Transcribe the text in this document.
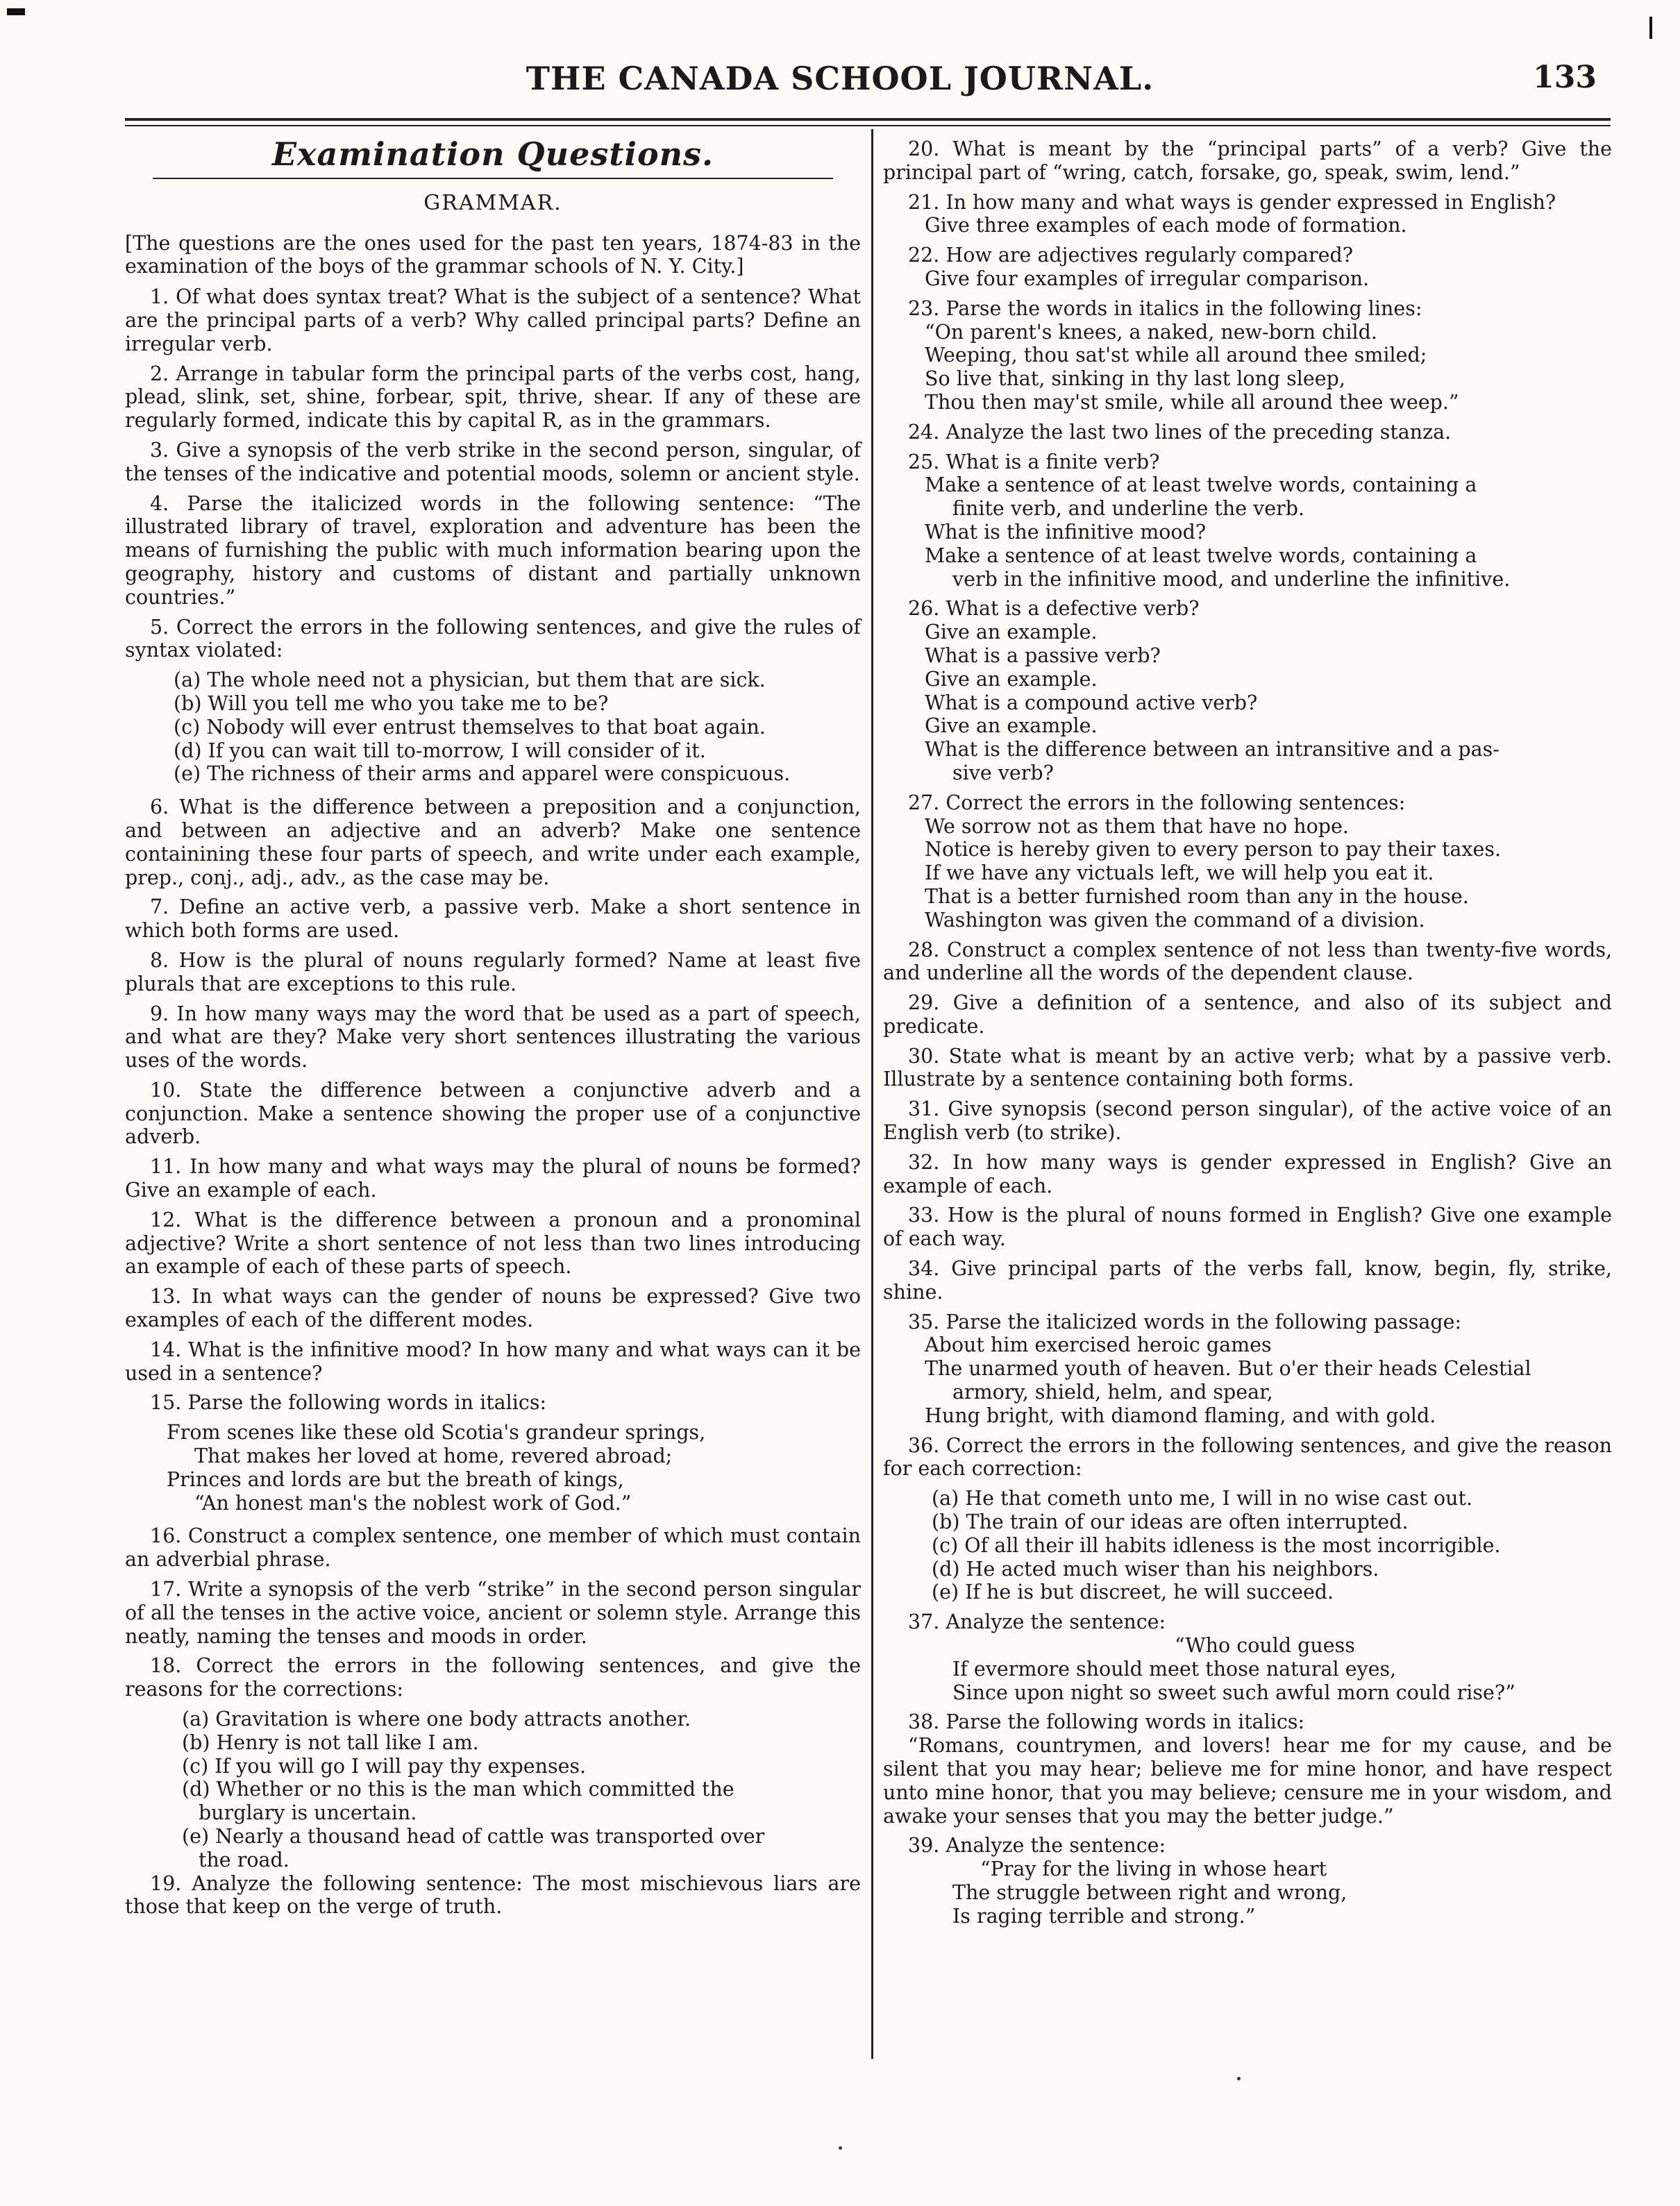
THE CANADA SCHOOL JOURNAL.	133
Examination Questions.
GRAMMAR.

[The questions are the ones used for the past ten years, 1874-83 in the examination of the boys of the grammar schools of N. Y. City.]

1. Of what does syntax treat? What is the subject of a sentence? What are the principal parts of a verb? Why called principal parts? Define an irregular verb.

2. Arrange in tabular form the principal parts of the verbs cost, hang, plead, slink, set, shine, forbear, spit, thrive, shear. If any of these are regularly formed, indicate this by capital R, as in the grammars.

3. Give a synopsis of the verb strike in the second person, singular, of the tenses of the indicative and potential moods, solemn or ancient style.

4. Parse the italicized words in the following sentence: “The illustrated library of travel, exploration and adventure has been the means of furnishing the public with much information bearing upon the geography, history and customs of distant and partially unknown countries.”

5. Correct the errors in the following sentences, and give the rules of syntax violated:

(a) The whole need not a physician, but them that are sick.

(b) Will you tell me who you take me to be?

(c) Nobody will ever entrust themselves to that boat again.

(d) If you can wait till to-morrow, I will consider of it.

(e) The richness of their arms and apparel were conspicuous.

6. What is the difference between a preposition and a conjunction, and between an adjective and an adverb? Make one sentence containining these four parts of speech, and write under each example, prep., conj., adj., adv., as the case may be.

7. Define an active verb, a passive verb. Make a short sentence in which both forms are used.

8. How is the plural of nouns regularly formed? Name at least five plurals that are exceptions to this rule.

9. In how many ways may the word that be used as a part of speech, and what are they? Make very short sentences illustrating the various uses of the words.

10. State the difference between a conjunctive adverb and a conjunction. Make a sentence showing the proper use of a conjunctive adverb.

11. In how many and what ways may the plural of nouns be formed? Give an example of each.

12. What is the difference between a pronoun and a pronominal adjective? Write a short sentence of not less than two lines introducing an example of each of these parts of speech.

13. In what ways can the gender of nouns be expressed? Give two examples of each of the different modes.

14. What is the infinitive mood? In how many and what ways can it be used in a sentence?

15. Parse the following words in italics:

From scenes like these old Scotia's grandeur springs,

That makes her loved at home, revered abroad;

Princes and lords are but the breath of kings,

“An honest man's the noblest work of God.”

16. Construct a complex sentence, one member of which must contain an adverbial phrase.

17. Write a synopsis of the verb “strike” in the second person singular of all the tenses in the active voice, ancient or solemn style. Arrange this neatly, naming the tenses and moods in order.

18. Correct the errors in the following sentences, and give the reasons for the corrections:

(a) Gravitation is where one body attracts another.

(b) Henry is not tall like I am.

(c) If you will go I will pay thy expenses.

(d) Whether or no this is the man which committed the

burglary is uncertain.

(e) Nearly a thousand head of cattle was transported over

the road.

19. Analyze the following sentence: The most mischievous liars are those that keep on the verge of truth.

20. What is meant by the “principal parts” of a verb? Give the principal part of “wring, catch, forsake, go, speak, swim, lend.”

21. In how many and what ways is gender expressed in English?

Give three examples of each mode of formation.

22. How are adjectives regularly compared?

Give four examples of irregular comparison.

23. Parse the words in italics in the following lines:

“On parent's knees, a naked, new-born child.

Weeping, thou sat'st while all around thee smiled;

So live that, sinking in thy last long sleep,

Thou then may'st smile, while all around thee weep.”

24. Analyze the last two lines of the preceding stanza.

25. What is a finite verb?

Make a sentence of at least twelve words, containing a

finite verb, and underline the verb.

What is the infinitive mood?

Make a sentence of at least twelve words, containing a

verb in the infinitive mood, and underline the infinitive.

26. What is a defective verb?

Give an example.

What is a passive verb?

Give an example.

What is a compound active verb?

Give an example.

What is the difference between an intransitive and a pas-

sive verb?

27. Correct the errors in the following sentences:

We sorrow not as them that have no hope.

Notice is hereby given to every person to pay their taxes.

If we have any victuals left, we will help you eat it.

That is a better furnished room than any in the house.

Washington was given the command of a division.

28. Construct a complex sentence of not less than twenty-five words, and underline all the words of the dependent clause.

29. Give a definition of a sentence, and also of its subject and predicate.

30. State what is meant by an active verb; what by a passive verb. Illustrate by a sentence containing both forms.

31. Give synopsis (second person singular), of the active voice of an English verb (to strike).

32. In how many ways is gender expressed in English? Give an example of each.

33. How is the plural of nouns formed in English? Give one example of each way.

34. Give principal parts of the verbs fall, know, begin, fly, strike, shine.

35. Parse the italicized words in the following passage:

About him exercised heroic games

The unarmed youth of heaven. But o'er their heads Celestial

armory, shield, helm, and spear,

Hung bright, with diamond flaming, and with gold.

36. Correct the errors in the following sentences, and give the reason for each correction:

(a) He that cometh unto me, I will in no wise cast out.

(b) The train of our ideas are often interrupted.

(c) Of all their ill habits idleness is the most incorrigible.

(d) He acted much wiser than his neighbors.

(e) If he is but discreet, he will succeed.

37. Analyze the sentence:

“Who could guess

If evermore should meet those natural eyes,

Since upon night so sweet such awful morn could rise?”

38. Parse the following words in italics:

“Romans, countrymen, and lovers! hear me for my cause, and be silent that you may hear; believe me for mine honor, and have respect unto mine honor, that you may believe; censure me in your wisdom, and awake your senses that you may the better judge.”

39. Analyze the sentence:

“Pray for the living in whose heart

The struggle between right and wrong,

Is raging terrible and strong.”
